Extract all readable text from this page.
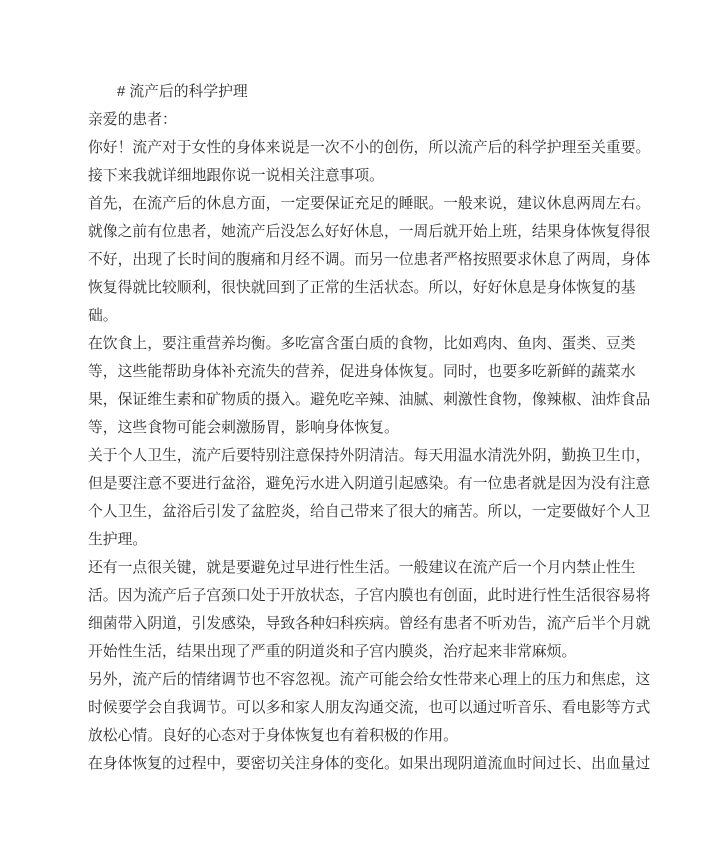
# 流产后的科学护理

亲爱的患者：

你好！流产对于女性的身体来说是一次不小的创伤，所以流产后的科学护理至关重要。接下来我就详细地跟你说一说相关注意事项。

首先，在流产后的休息方面，一定要保证充足的睡眠。一般来说，建议休息两周左右。就像之前有位患者，她流产后没怎么好好休息，一周后就开始上班，结果身体恢复得很不好，出现了长时间的腹痛和月经不调。而另一位患者严格按照要求休息了两周，身体恢复得就比较顺利，很快就回到了正常的生活状态。所以，好好休息是身体恢复的基础。

在饮食上，要注重营养均衡。多吃富含蛋白质的食物，比如鸡肉、鱼肉、蛋类、豆类等，这些能帮助身体补充流失的营养，促进身体恢复。同时，也要多吃新鲜的蔬菜水果，保证维生素和矿物质的摄入。避免吃辛辣、油腻、刺激性食物，像辣椒、油炸食品等，这些食物可能会刺激肠胃，影响身体恢复。

关于个人卫生，流产后要特别注意保持外阴清洁。每天用温水清洗外阴，勤换卫生巾，但是要注意不要进行盆浴，避免污水进入阴道引起感染。有一位患者就是因为没有注意个人卫生，盆浴后引发了盆腔炎，给自己带来了很大的痛苦。所以，一定要做好个人卫生护理。

还有一点很关键，就是要避免过早进行性生活。一般建议在流产后一个月内禁止性生活。因为流产后子宫颈口处于开放状态，子宫内膜也有创面，此时进行性生活很容易将细菌带入阴道，引发感染，导致各种妇科疾病。曾经有患者不听劝告，流产后半个月就开始性生活，结果出现了严重的阴道炎和子宫内膜炎，治疗起来非常麻烦。

另外，流产后的情绪调节也不容忽视。流产可能会给女性带来心理上的压力和焦虑，这时候要学会自我调节。可以多和家人朋友沟通交流，也可以通过听音乐、看电影等方式放松心情。良好的心态对于身体恢复也有着积极的作用。

在身体恢复的过程中，要密切关注身体的变化。如果出现阴道流血时间过长、出血量过
